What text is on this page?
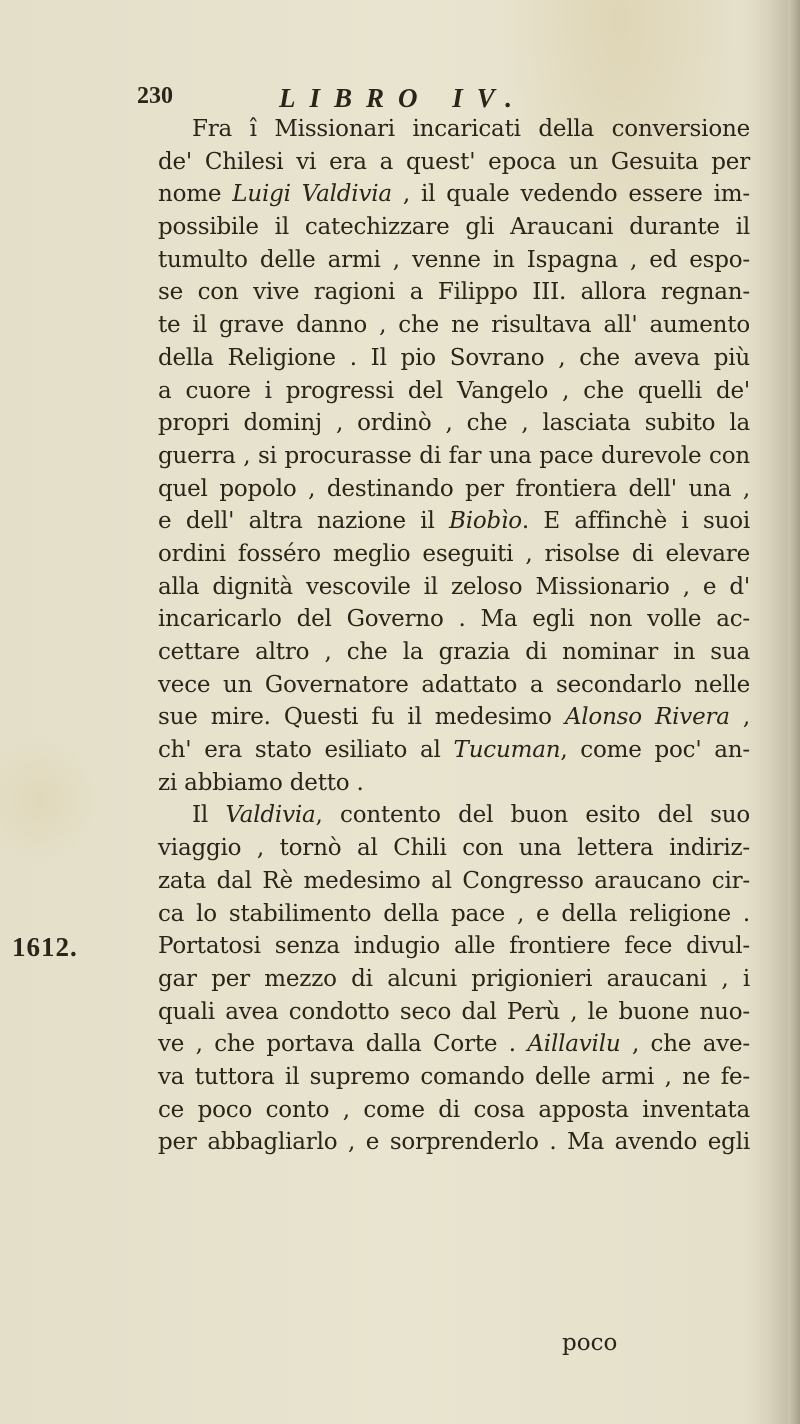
230	LIBRO IV.
1612.
Fra î Missionari incaricati della conversione
de' Chilesi vi era a quest' epoca un Gesuita per
nome Luigi Valdivia , il quale vedendo essere im-
possibile il catechizzare gli Araucani durante il
tumulto delle armi , venne in Ispagna , ed espo-
se con vive ragioni a Filippo III. allora regnan-
te il grave danno , che ne risultava all' aumento
della Religione . Il pio Sovrano , che aveva più
a cuore i progressi del Vangelo , che quelli de'
propri dominj , ordinò , che , lasciata subito la
guerra , si procurasse di far una pace durevole con
quel popolo , destinando per frontiera dell' una ,
e dell' altra nazione il Biobìo. E affinchè i suoi
ordini fosséro meglio eseguiti , risolse di elevare
alla dignità vescovile il zeloso Missionario , e d'
incaricarlo del Governo . Ma egli non volle ac-
cettare altro , che la grazia di nominar in sua
vece un Governatore adattato a secondarlo nelle
sue mire. Questi fu il medesimo Alonso Rivera ,
ch' era stato esiliato al Tucuman, come poc' an-
zi abbiamo detto .
Il Valdivia, contento del buon esito del suo
viaggio , tornò al Chili con una lettera indiriz-
zata dal Rè medesimo al Congresso araucano cir-
ca lo stabilimento della pace , e della religione .
Portatosi senza indugio alle frontiere fece divul-
gar per mezzo di alcuni prigionieri araucani , i
quali avea condotto seco dal Perù , le buone nuo-
ve , che portava dalla Corte . Aillavilu , che ave-
va tuttora il supremo comando delle armi , ne fe-
ce poco conto , come di cosa apposta inventata
per abbagliarlo , e sorprenderlo . Ma avendo egli
poco
